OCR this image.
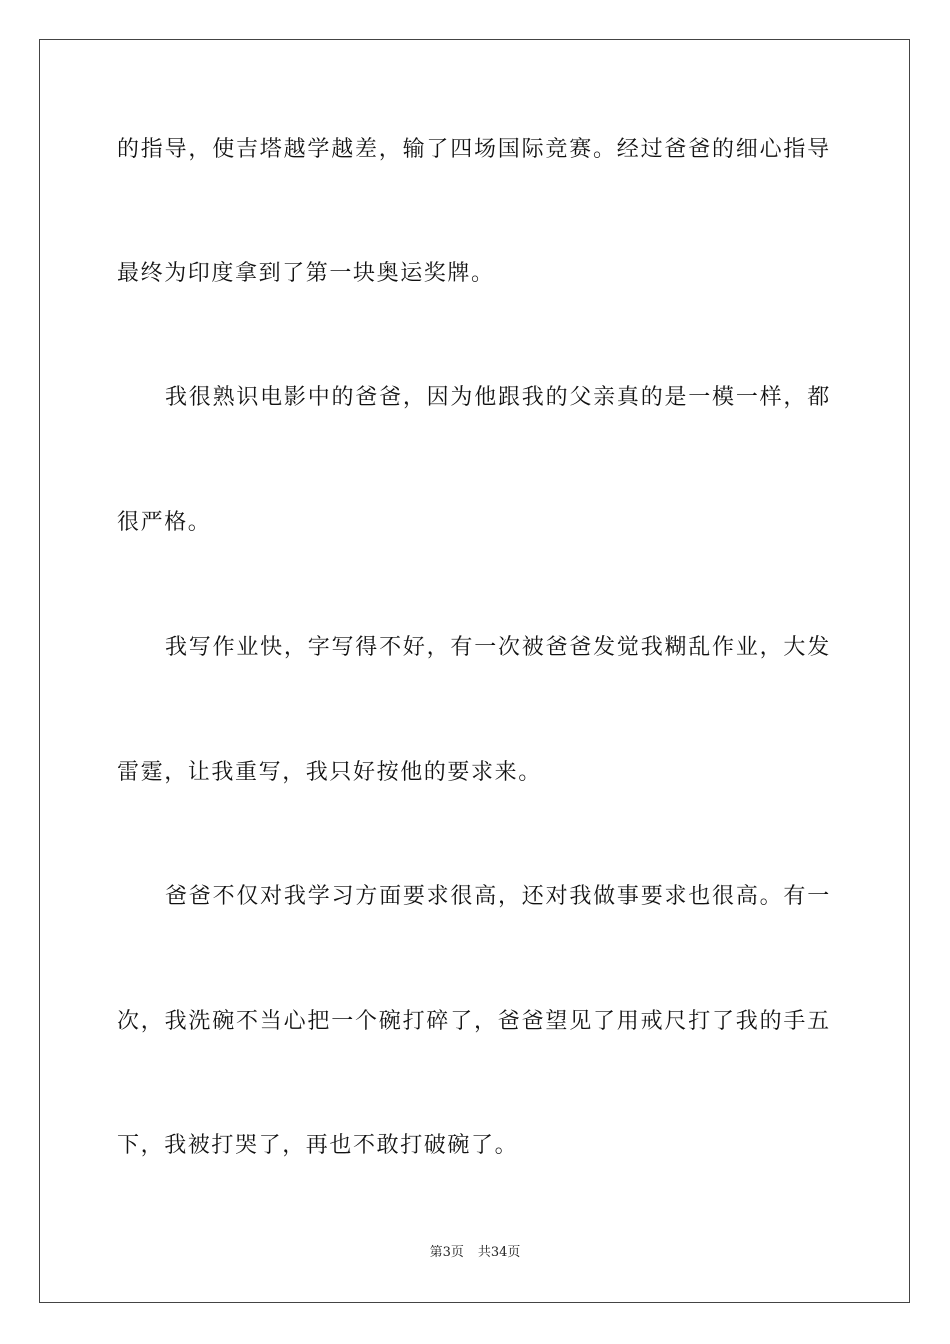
的指导，使吉塔越学越差，输了四场国际竞赛。经过爸爸的细心指导
最终为印度拿到了第一块奥运奖牌。
我很熟识电影中的爸爸，因为他跟我的父亲真的是一模一样，都
很严格。
我写作业快，字写得不好，有一次被爸爸发觉我糊乱作业，大发
雷霆，让我重写，我只好按他的要求来。
爸爸不仅对我学习方面要求很高，还对我做事要求也很高。有一
次，我洗碗不当心把一个碗打碎了，爸爸望见了用戒尺打了我的手五
下，我被打哭了，再也不敢打破碗了。
第3页 共34页
